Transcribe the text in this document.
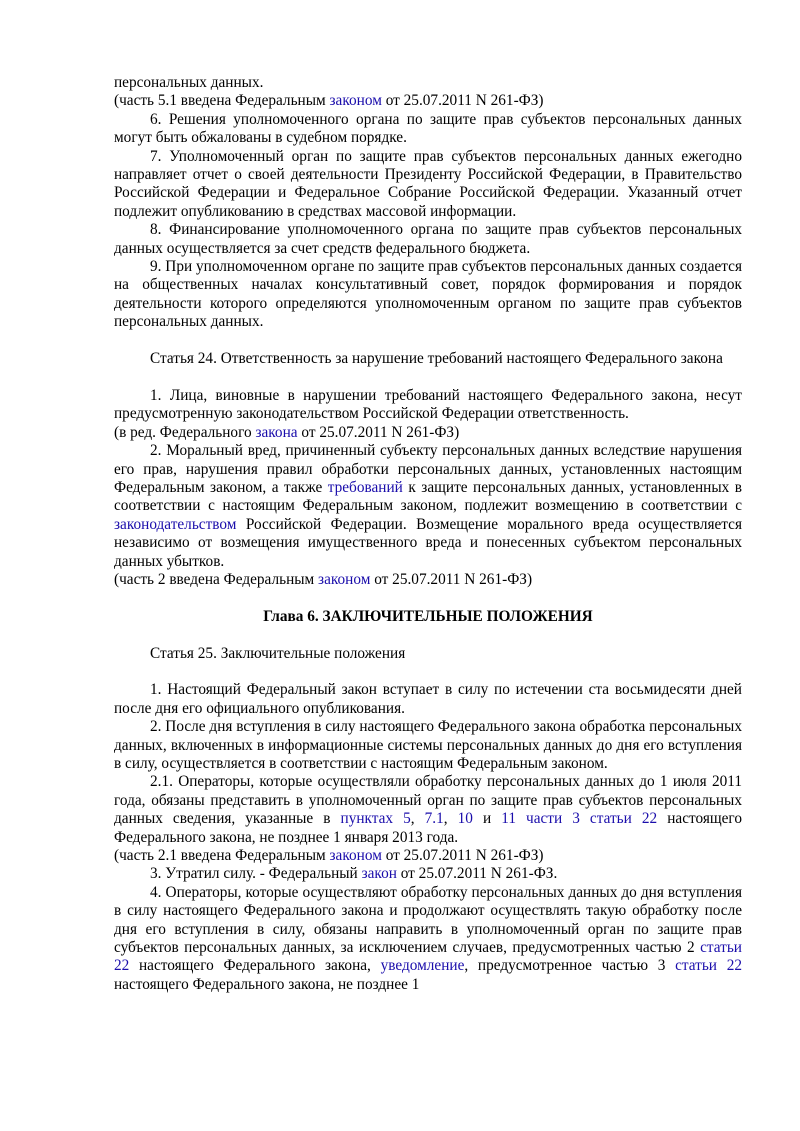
персональных данных.

(часть 5.1 введена Федеральным законом от 25.07.2011 N 261-ФЗ)

6. Решения уполномоченного органа по защите прав субъектов персональных данных могут быть обжалованы в судебном порядке.

7. Уполномоченный орган по защите прав субъектов персональных данных ежегодно направляет отчет о своей деятельности Президенту Российской Федерации, в Правительство Российской Федерации и Федеральное Собрание Российской Федерации. Указанный отчет подлежит опубликованию в средствах массовой информации.

8. Финансирование уполномоченного органа по защите прав субъектов персональных данных осуществляется за счет средств федерального бюджета.

9. При уполномоченном органе по защите прав субъектов персональных данных создается на общественных началах консультативный совет, порядок формирования и порядок деятельности которого определяются уполномоченным органом по защите прав субъектов персональных данных.

Статья 24. Ответственность за нарушение требований настоящего Федерального закона

1. Лица, виновные в нарушении требований настоящего Федерального закона, несут предусмотренную законодательством Российской Федерации ответственность.

(в ред. Федерального закона от 25.07.2011 N 261-ФЗ)

2. Моральный вред, причиненный субъекту персональных данных вследствие нарушения его прав, нарушения правил обработки персональных данных, установленных настоящим Федеральным законом, а также требований к защите персональных данных, установленных в соответствии с настоящим Федеральным законом, подлежит возмещению в соответствии с законодательством Российской Федерации. Возмещение морального вреда осуществляется независимо от возмещения имущественного вреда и понесенных субъектом персональных данных убытков.

(часть 2 введена Федеральным законом от 25.07.2011 N 261-ФЗ)

Глава 6. ЗАКЛЮЧИТЕЛЬНЫЕ ПОЛОЖЕНИЯ

Статья 25. Заключительные положения

1. Настоящий Федеральный закон вступает в силу по истечении ста восьмидесяти дней после дня его официального опубликования.

2. После дня вступления в силу настоящего Федерального закона обработка персональных данных, включенных в информационные системы персональных данных до дня его вступления в силу, осуществляется в соответствии с настоящим Федеральным законом.

2.1. Операторы, которые осуществляли обработку персональных данных до 1 июля 2011 года, обязаны представить в уполномоченный орган по защите прав субъектов персональных данных сведения, указанные в пунктах 5, 7.1, 10 и 11 части 3 статьи 22 настоящего Федерального закона, не позднее 1 января 2013 года.

(часть 2.1 введена Федеральным законом от 25.07.2011 N 261-ФЗ)

3. Утратил силу. - Федеральный закон от 25.07.2011 N 261-ФЗ.

4. Операторы, которые осуществляют обработку персональных данных до дня вступления в силу настоящего Федерального закона и продолжают осуществлять такую обработку после дня его вступления в силу, обязаны направить в уполномоченный орган по защите прав субъектов персональных данных, за исключением случаев, предусмотренных частью 2 статьи 22 настоящего Федерального закона, уведомление, предусмотренное частью 3 статьи 22 настоящего Федерального закона, не позднее 1
